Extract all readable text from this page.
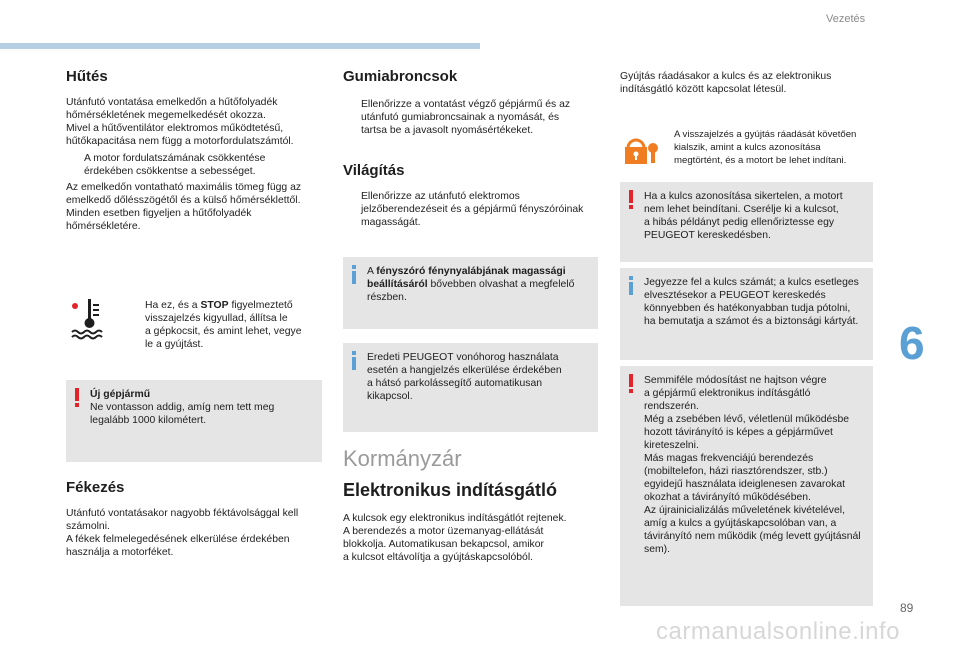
Vezetés
6
89
carmanualsonline.info
Hűtés

Utánfutó vontatása emelkedőn a hűtőfolyadék
hőmérsékletének megemelkedését okozza.
Mivel a hűtőventilátor elektromos működtetésű,
hűtőkapacitása nem függ a motorfordulatszámtól.

A motor fordulatszámának csökkentése
érdekében csökkentse a sebességet.

Az emelkedőn vontatható maximális tömeg függ az
emelkedő dőlésszögétől és a külső hőmérséklettől.
Minden esetben figyeljen a hűtőfolyadék
hőmérsékletére.

Ha ez, és a STOP figyelmeztető
visszajelzés kigyullad, állítsa le
a gépkocsit, és amint lehet, vegye
le a gyújtást.
Új gépjármű
Ne vontasson addig, amíg nem tett meg
legalább 1000 kilométert.
Fékezés

Utánfutó vontatásakor nagyobb féktávolsággal kell
számolni.
A fékek felmelegedésének elkerülése érdekében
használja a motorféket.

Gumiabroncsok
Ellenőrizze a vontatást végző gépjármű és az
utánfutó gumiabroncsainak a nyomását, és
tartsa be a javasolt nyomásértékeket.
Világítás
Ellenőrizze az utánfutó elektromos
jelzőberendezéseit és a gépjármű fényszóróinak
magasságát.
A fényszóró fénynyalábjának magassági
beállításáról bővebben olvashat a megfelelő
részben.
Eredeti PEUGEOT vonóhorog használata
esetén a hangjelzés elkerülése érdekében
a hátsó parkolássegítő automatikusan
kikapcsol.
Kormányzár
Elektronikus indításgátló

A kulcsok egy elektronikus indításgátlót rejtenek.
A berendezés a motor üzemanyag-ellátását
blokkolja. Automatikusan bekapcsol, amikor
a kulcsot eltávolítja a gyújtáskapcsolóból.

Gyújtás ráadásakor a kulcs és az elektronikus
indításgátló között kapcsolat létesül.

A visszajelzés a gyújtás ráadását követően
kialszik, amint a kulcs azonosítása
megtörtént, és a motort be lehet indítani.

Ha a kulcs azonosítása sikertelen, a motort
nem lehet beindítani. Cserélje ki a kulcsot,
a hibás példányt pedig ellenőriztesse egy
PEUGEOT kereskedésben.
Jegyezze fel a kulcs számát; a kulcs esetleges
elvesztésekor a PEUGEOT kereskedés
könnyebben és hatékonyabban tudja pótolni,
ha bemutatja a számot és a biztonsági kártyát.
Semmiféle módosítást ne hajtson végre
a gépjármű elektronikus indításgátló
rendszerén.
Még a zsebében lévő, véletlenül működésbe
hozott távirányító is képes a gépjárművet
kireteszelni.
Más magas frekvenciájú berendezés
(mobiltelefon, házi riasztórendszer, stb.)
egyidejű használata ideiglenesen zavarokat
okozhat a távirányító működésében.
Az újrainicializálás műveletének kivételével,
amíg a kulcs a gyújtáskapcsolóban van, a
távirányító nem működik (még levett gyújtásnál
sem).
